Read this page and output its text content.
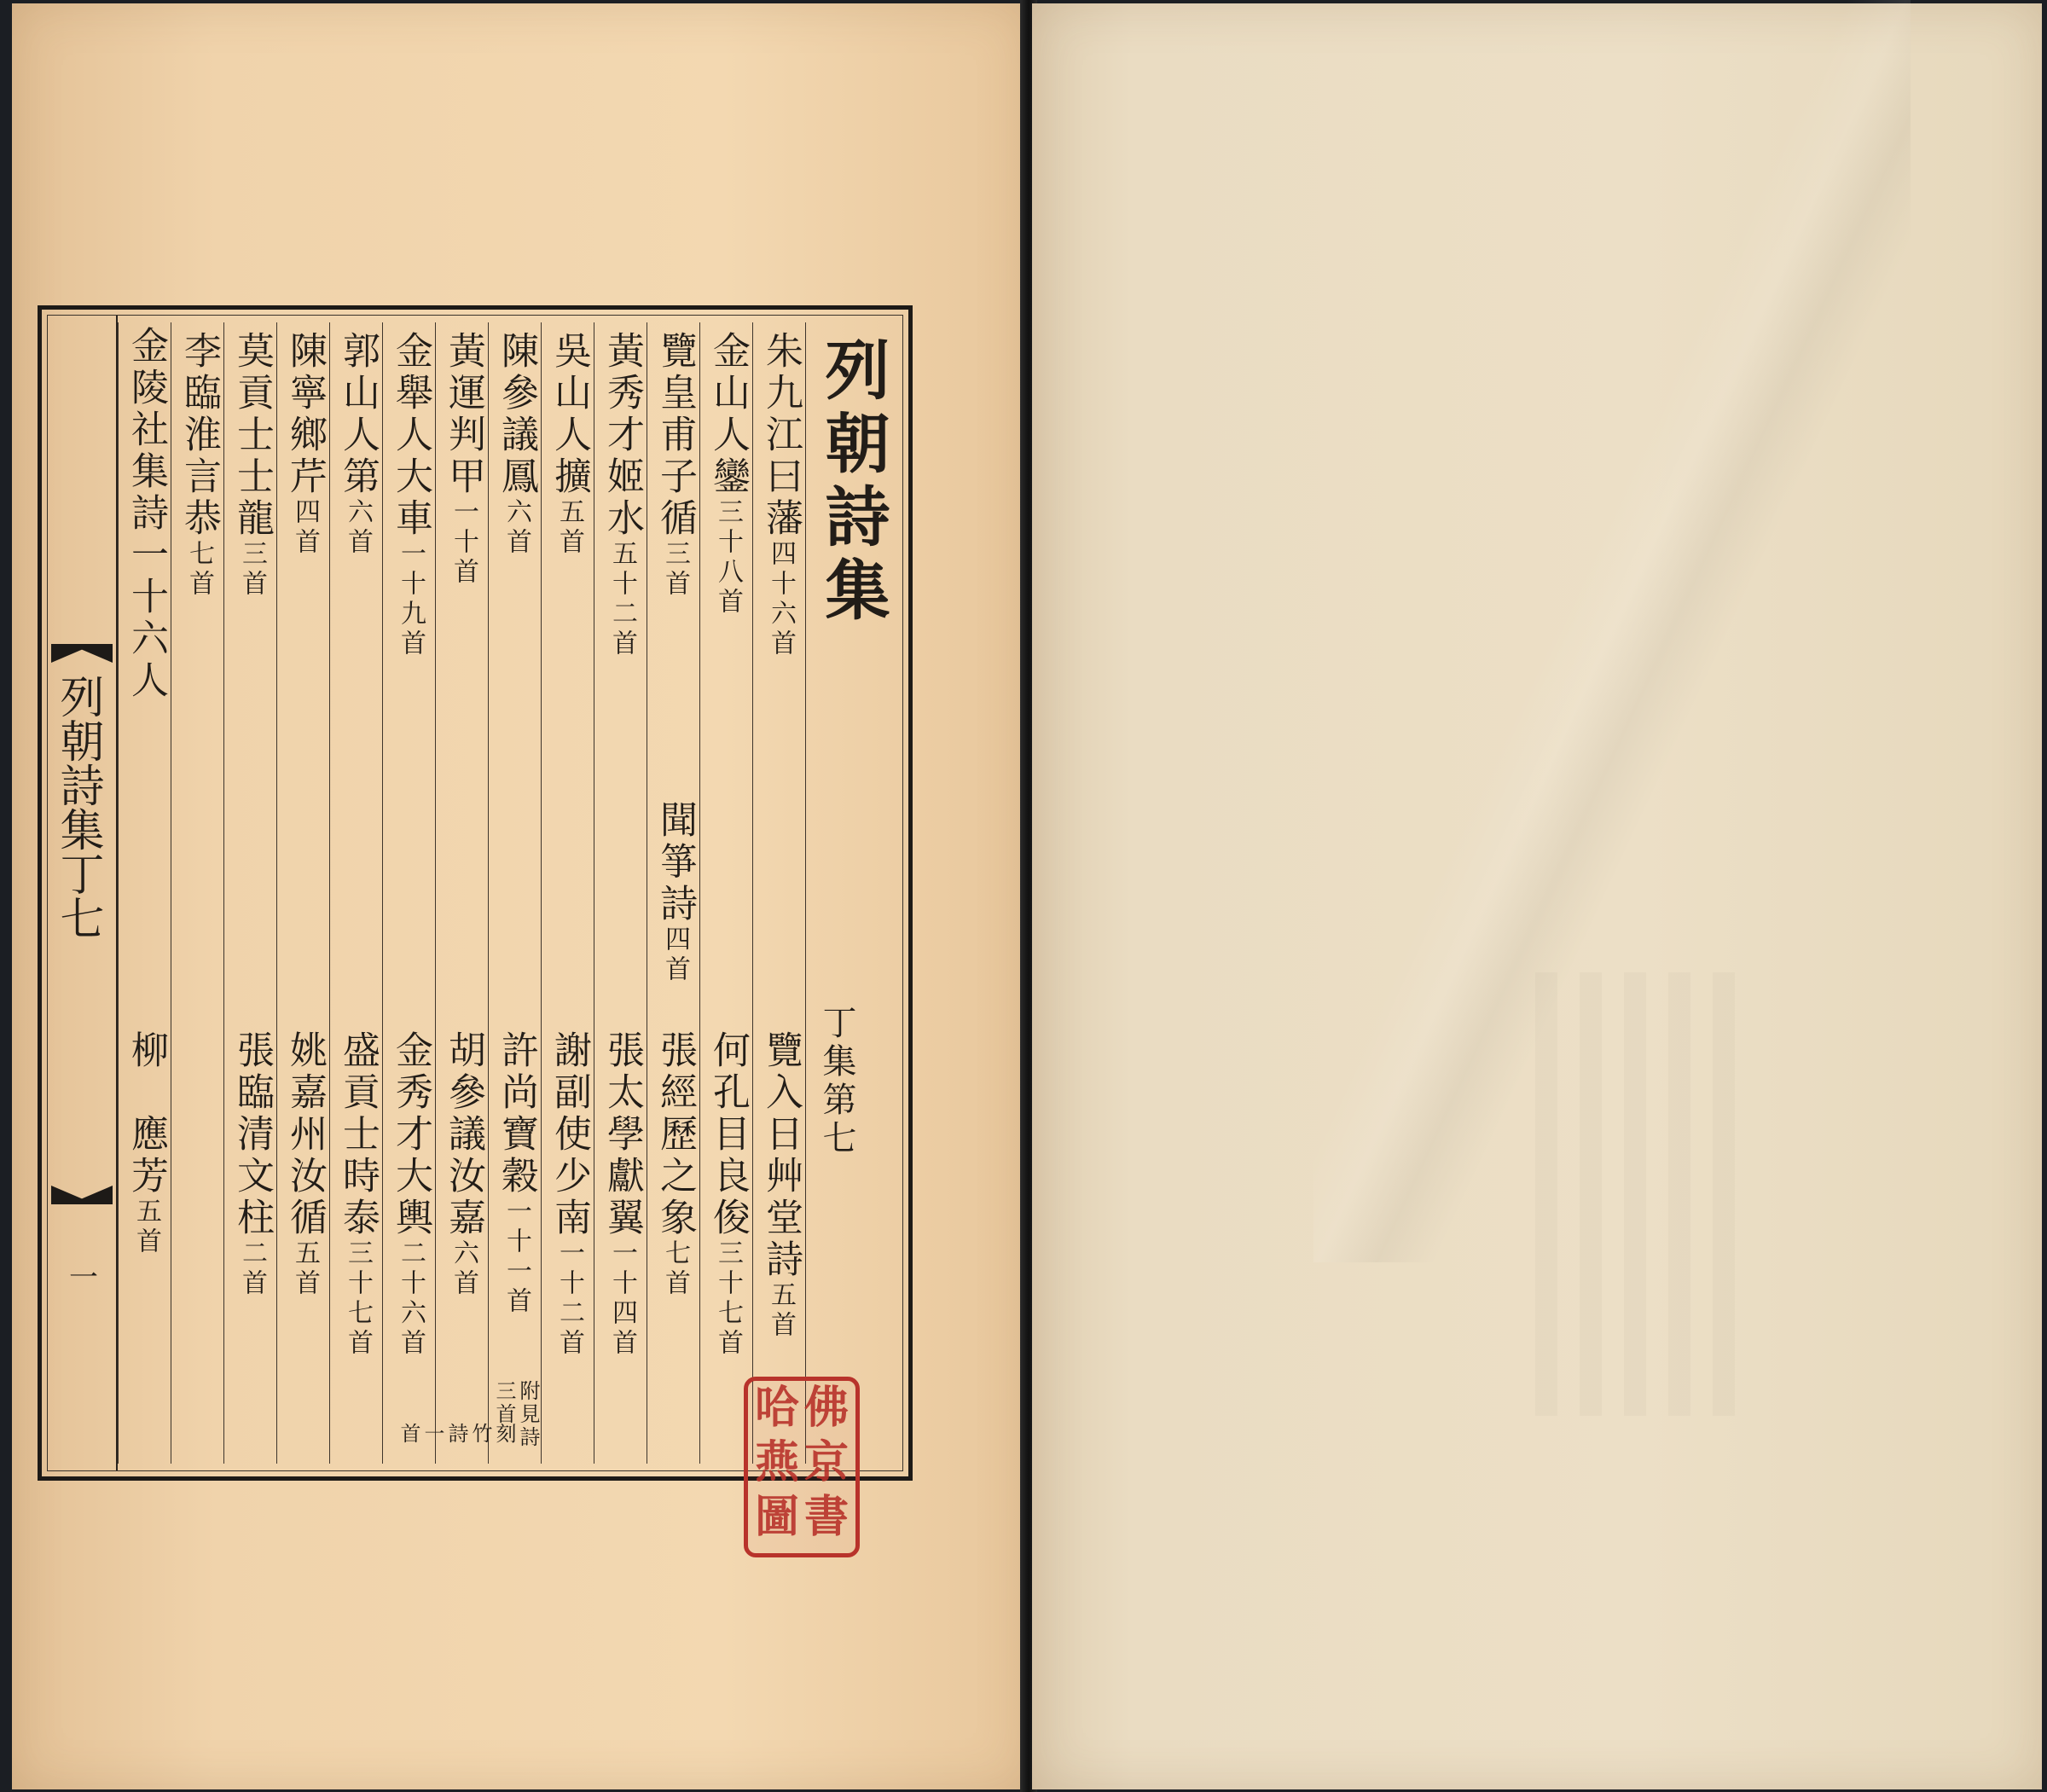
列朝詩集丁七
一
金陵社集詩一十六人
柳　應芳五首
李臨淮言恭七首
莫貢士士龍三首
張臨清文柱二首
陳寧鄉芹四首
姚嘉州汝循五首
郭山人第六首
盛貢士時泰三十七首
金舉人大車一十九首
金秀才大輿二十六首
黃運判甲一十首
胡參議汝嘉六首
陳參議鳳六首
許尚寶穀一十一首
吳山人擴五首
謝副使少南一十二首
附見詩三首
刻竹詩一首
黃秀才姬水五十二首
張太學獻翼一十四首
覽皇甫子循三首
聞箏詩四首
張經歷之象七首
金山人鑾三十八首
何孔目良俊三十七首
朱九江曰藩四十六首
覽入日艸堂詩五首
列朝詩集
丁集第七
哈 佛
燕 京
圖 書
